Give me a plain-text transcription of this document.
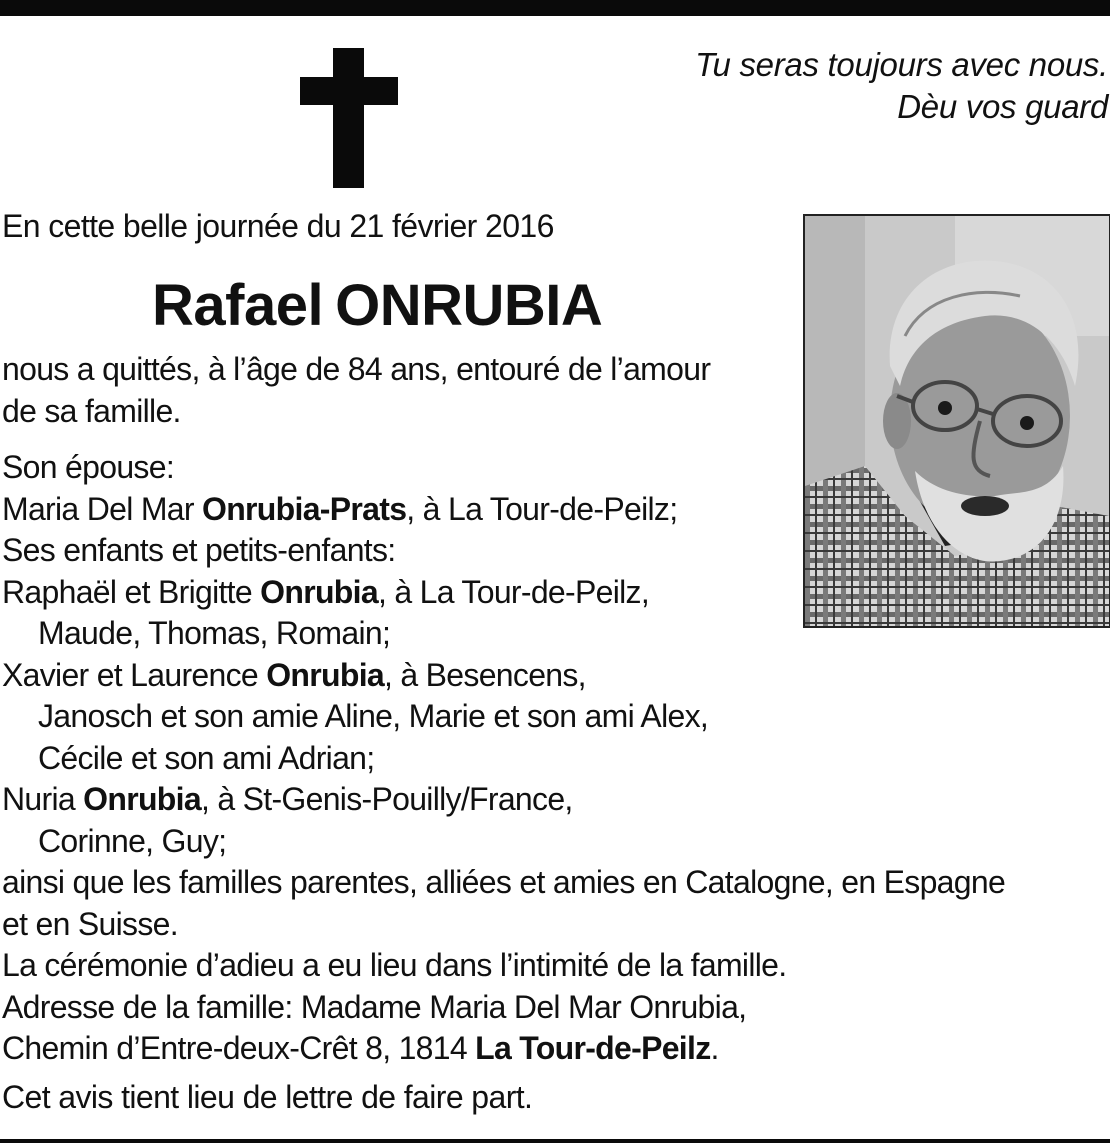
Tu seras toujours avec nous.
Dèu vos guard
En cette belle journée du 21 février 2016
Rafael ONRUBIA
nous a quittés, à l’âge de 84 ans, entouré de l’amour
de sa famille.
Son épouse:
Maria Del Mar Onrubia-Prats, à La Tour-de-Peilz;
Ses enfants et petits-enfants:
Raphaël et Brigitte Onrubia, à La Tour-de-Peilz,
Maude, Thomas, Romain;
Xavier et Laurence Onrubia, à Besencens,
Janosch et son amie Aline, Marie et son ami Alex,
Cécile et son ami Adrian;
Nuria Onrubia, à St-Genis-Pouilly/France,
Corinne, Guy;
ainsi que les familles parentes, alliées et amies en Catalogne, en Espagne
et en Suisse.
La cérémonie d’adieu a eu lieu dans l’intimité de la famille.
Adresse de la famille: Madame Maria Del Mar Onrubia,
Chemin d’Entre-deux-Crêt 8, 1814 La Tour-de-Peilz.
Cet avis tient lieu de lettre de faire part.
